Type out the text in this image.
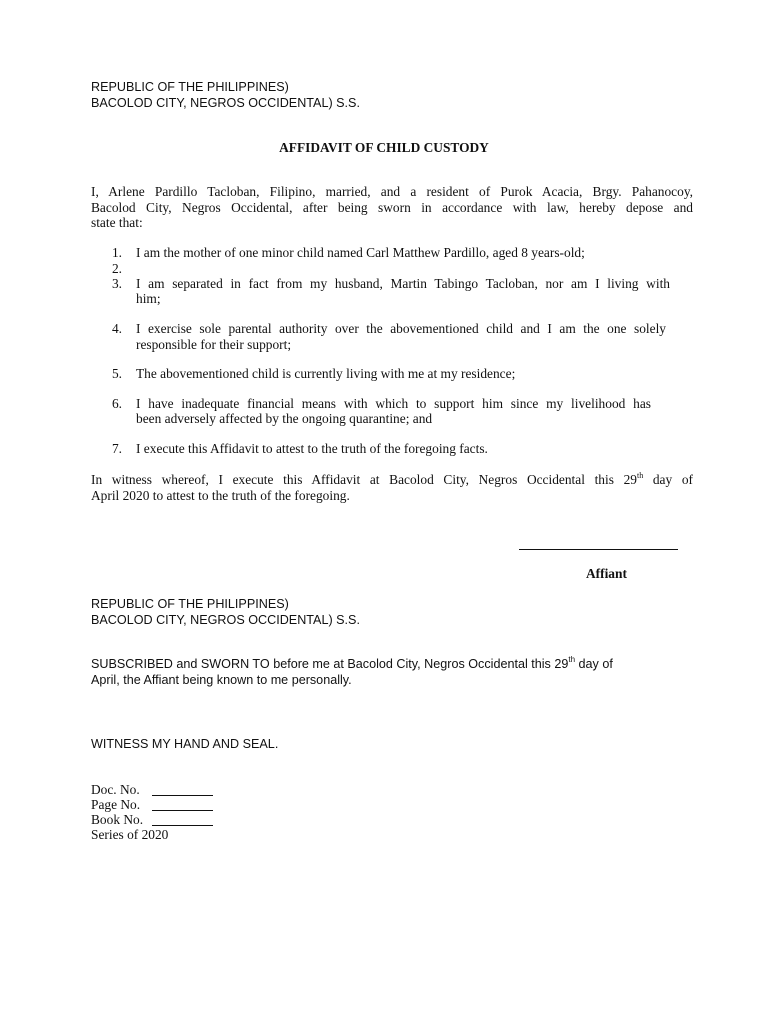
REPUBLIC OF THE PHILIPPINES)
BACOLOD CITY, NEGROS OCCIDENTAL) S.S.
AFFIDAVIT OF CHILD CUSTODY
I, Arlene Pardillo Tacloban, Filipino, married, and a resident of Purok Acacia, Brgy. Pahanocoy,
Bacolod City, Negros Occidental, after being sworn in accordance with law, hereby depose and
state that:
1. I am the mother of one minor child named Carl Matthew Pardillo, aged 8 years-old;
2.
3. I am separated in fact from my husband, Martin Tabingo Tacloban, nor am I living with
him;
4. I exercise sole parental authority over the abovementioned child and I am the one solely
responsible for their support;
5. The abovementioned child is currently living with me at my residence;
6. I have inadequate financial means with which to support him since my livelihood has
been adversely affected by the ongoing quarantine; and
7. I execute this Affidavit to attest to the truth of the foregoing facts.
In witness whereof, I execute this Affidavit at Bacolod City, Negros Occidental this 29th day of
April 2020 to attest to the truth of the foregoing.
Affiant
REPUBLIC OF THE PHILIPPINES)
BACOLOD CITY, NEGROS OCCIDENTAL) S.S.
SUBSCRIBED and SWORN TO before me at Bacolod City, Negros Occidental this 29th day of
April, the Affiant being known to me personally.
WITNESS MY HAND AND SEAL.
Doc. No.
Page No.
Book No.
Series of 2020
